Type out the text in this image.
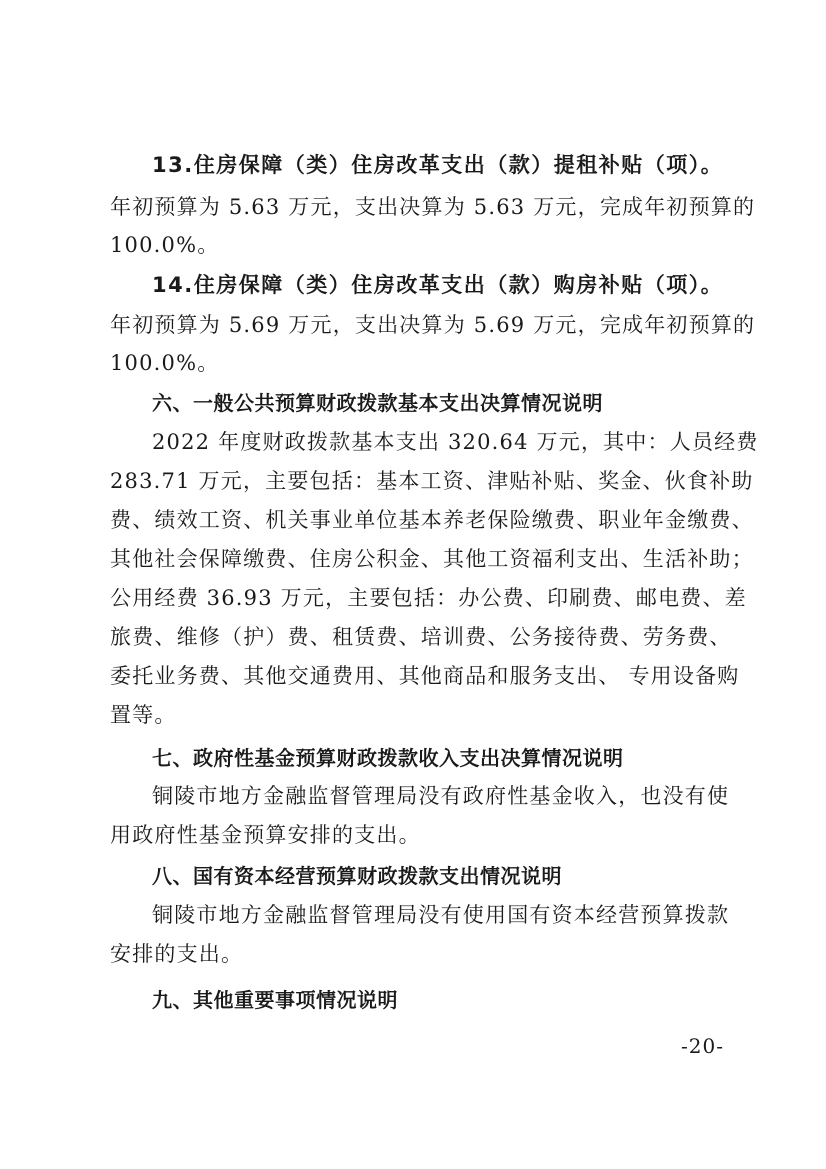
13.住房保障（类）住房改革支出（款）提租补贴（项）。
年初预算为 5.63 万元，支出决算为 5.63 万元，完成年初预算的
100.0%。
14.住房保障（类）住房改革支出（款）购房补贴（项）。
年初预算为 5.69 万元，支出决算为 5.69 万元，完成年初预算的
100.0%。
六、一般公共预算财政拨款基本支出决算情况说明
2022 年度财政拨款基本支出 320.64 万元，其中：人员经费
283.71 万元，主要包括：基本工资、津贴补贴、奖金、伙食补助
费、绩效工资、机关事业单位基本养老保险缴费、职业年金缴费、
其他社会保障缴费、住房公积金、其他工资福利支出、生活补助；
公用经费 36.93 万元，主要包括：办公费、印刷费、邮电费、差
旅费、维修（护）费、租赁费、培训费、公务接待费、劳务费、
委托业务费、其他交通费用、其他商品和服务支出、 专用设备购
置等。
七、政府性基金预算财政拨款收入支出决算情况说明
铜陵市地方金融监督管理局没有政府性基金收入，也没有使
用政府性基金预算安排的支出。
八、国有资本经营预算财政拨款支出情况说明
铜陵市地方金融监督管理局没有使用国有资本经营预算拨款
安排的支出。
九、其他重要事项情况说明
-20-
